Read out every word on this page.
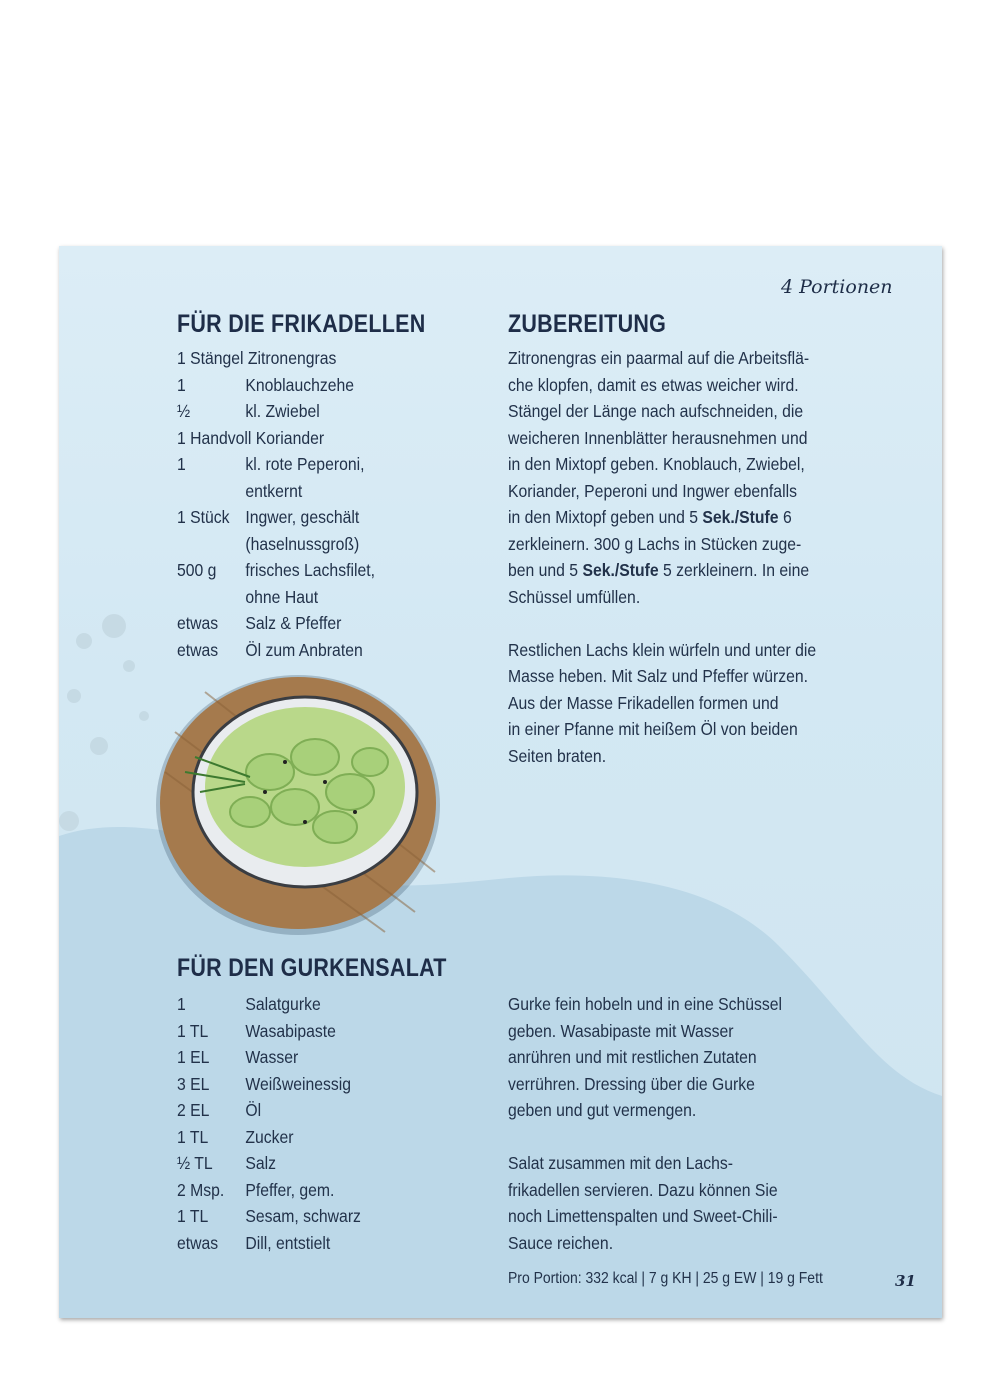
4 Portionen
FÜR DIE FRIKADELLEN	ZUBEREITUNG
1 Stängel Zitronengras
1	Knoblauchzehe
½	kl. Zwiebel
1 Handvoll Koriander
1	kl. rote Peperoni,
entkernt
1 Stück Ingwer, geschält
(haselnussgroß)
500 g frisches Lachsfilet,
ohne Haut
etwas Salz & Pfeffer
etwas Öl zum Anbraten
Zitronengras ein paarmal auf die Arbeitsflä-
che klopfen, damit es etwas weicher wird.
Stängel der Länge nach aufschneiden, die
weicheren Innenblätter herausnehmen und
in den Mixtopf geben. Knoblauch, Zwiebel,
Koriander, Peperoni und Ingwer ebenfalls
in den Mixtopf geben und 5 Sek./Stufe 6
zerkleinern. 300 g Lachs in Stücken zuge-
ben und 5 Sek./Stufe 5 zerkleinern. In eine
Schüssel umfüllen.
Restlichen Lachs klein würfeln und unter die
Masse heben. Mit Salz und Pfeffer würzen.
Aus der Masse Frikadellen formen und
in einer Pfanne mit heißem Öl von beiden
Seiten braten.
FÜR DEN GURKENSALAT
1	Salatgurke
1 TL Wasabipaste
1 EL Wasser
3 EL Weißweinessig
2 EL Öl
1 TL Zucker
½ TL Salz
2 Msp. Pfeffer, gem.
1 TL Sesam, schwarz
etwas Dill, entstielt
Gurke fein hobeln und in eine Schüssel
geben. Wasabipaste mit Wasser
anrühren und mit restlichen Zutaten
verrühren. Dressing über die Gurke
geben und gut vermengen.
Salat zusammen mit den Lachs-
frikadellen servieren. Dazu können Sie
noch Limettenspalten und Sweet-Chili-
Sauce reichen.
Pro Portion: 332 kcal | 7 g KH | 25 g EW | 19 g Fett	31
